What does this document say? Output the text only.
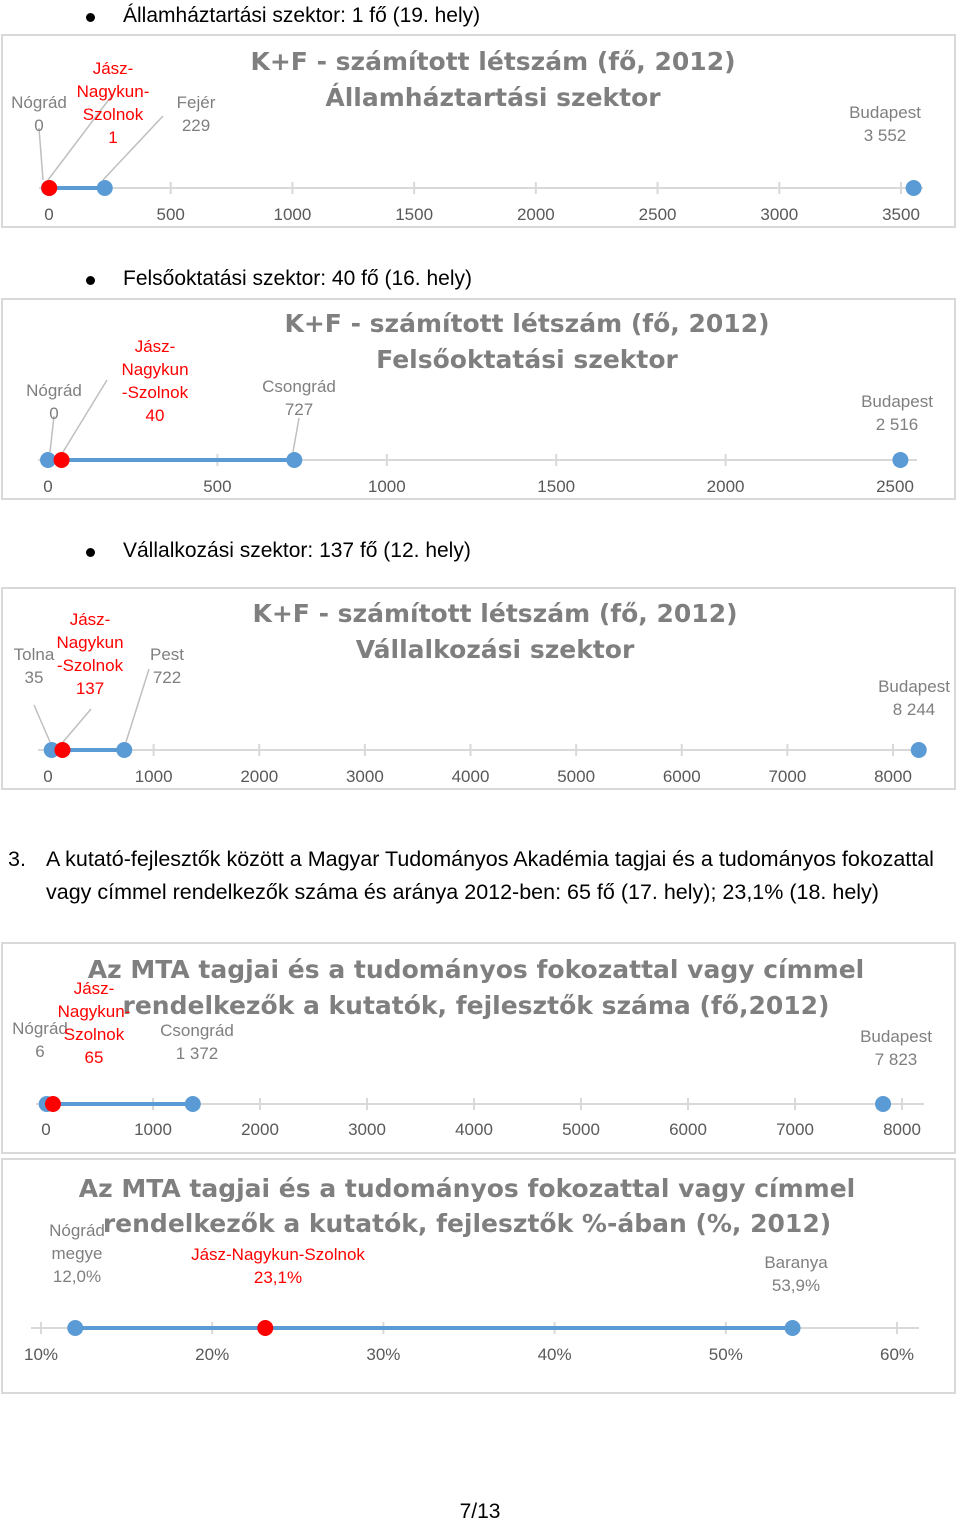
Államháztartási szektor: 1 fő (19. hely)
K+F - számított létszám (fő, 2012)
Államháztartási szektor
0	500	1000	1500	2000	2500	3000	3500
Nógrád 0
Jász-Nagykun-Szolnok 1
Fejér 229
Budapest 3 552
Felsőoktatási szektor: 40 fő (16. hely)
K+F - számított létszám (fő, 2012)
Felsőoktatási szektor
0	500	1000	1500	2000	2500
Nógrád 0
Jász-Nagykun -Szolnok 40
Csongrád 727	Budapest 2 516
Vállalkozási szektor: 137 fő (12. hely)
K+F - számított létszám (fő, 2012)
Vállalkozási szektor
0	1000	2000	3000	4000	5000	6000	7000	8000
Tolna 35
Jász-Nagykun -Szolnok 137
Pest 722	Budapest 8 244
3. A kutató-fejlesztők között a Magyar Tudományos Akadémia tagjai és a tudományos fokozattal vagy címmel rendelkezők száma és aránya 2012-ben: 65 fő (17. hely); 23,1% (18. hely)
Az MTA tagjai és a tudományos fokozattal vagy címmel
rendelkezők a kutatók, fejlesztők száma (fő,2012)
0	1000	2000	3000	4000	5000	6000	7000	8000
Nógrád 6
Jász-Nagykun-Szolnok 65
Csongrád 1 372
Budapest 7 823
Az MTA tagjai és a tudományos fokozattal vagy címmel
rendelkezők a kutatók, fejlesztők %-ában (%, 2012)
10%	20%	30%	40%	50%	60%
Nógrád megye 12,0%
Jász-Nagykun-Szolnok 23,1%
Baranya 53,9%
7/13
